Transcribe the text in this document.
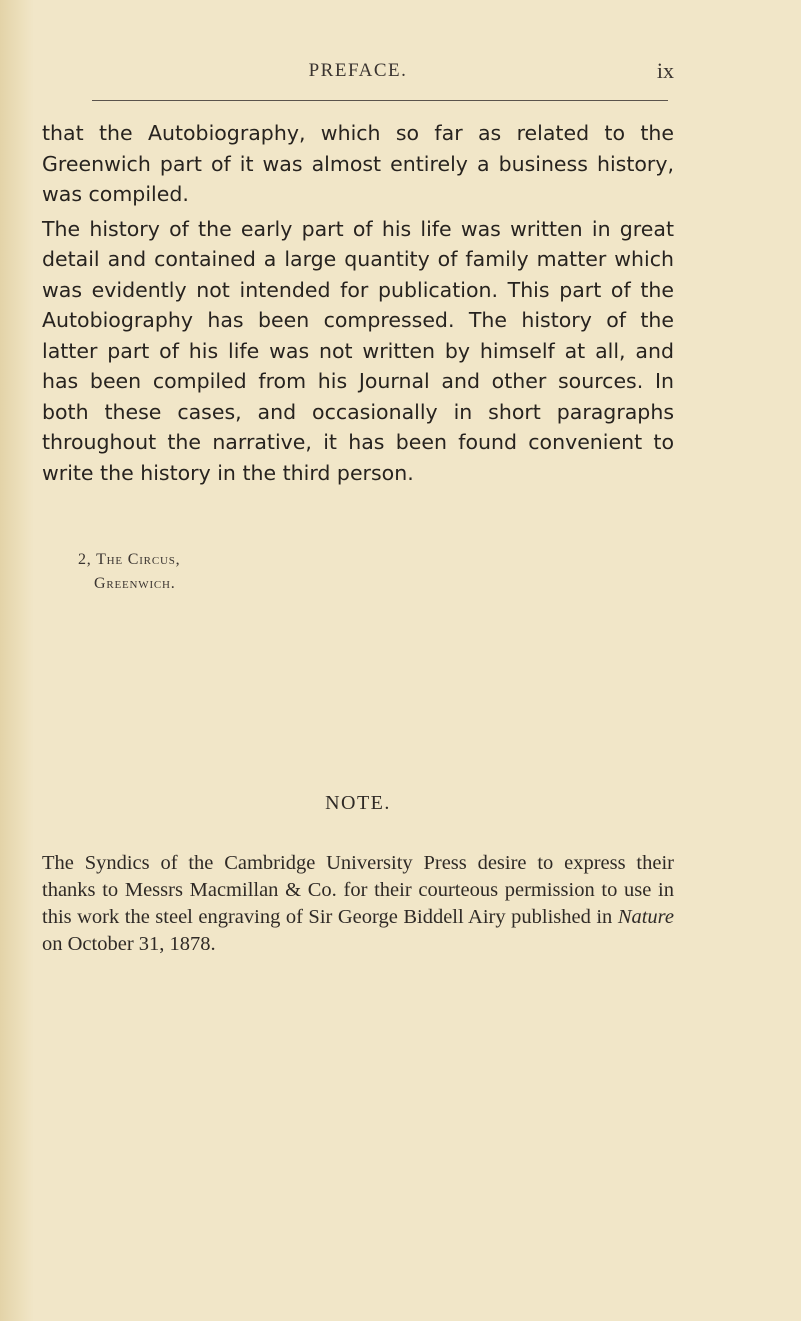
PREFACE.	ix

that the Autobiography, which so far as related to the Greenwich part of it was almost entirely a business history, was compiled.

The history of the early part of his life was written in great detail and contained a large quantity of family matter which was evidently not intended for publication. This part of the Autobiography has been compressed. The history of the latter part of his life was not written by himself at all, and has been compiled from his Journal and other sources. In both these cases, and occasionally in short paragraphs throughout the narrative, it has been found convenient to write the history in the third person.

2, The Circus,
Greenwich.
NOTE.
The Syndics of the Cambridge University Press desire to express their thanks to Messrs Macmillan & Co. for their courteous permission to use in this work the steel engraving of Sir George Biddell Airy published in Nature on October 31, 1878.
